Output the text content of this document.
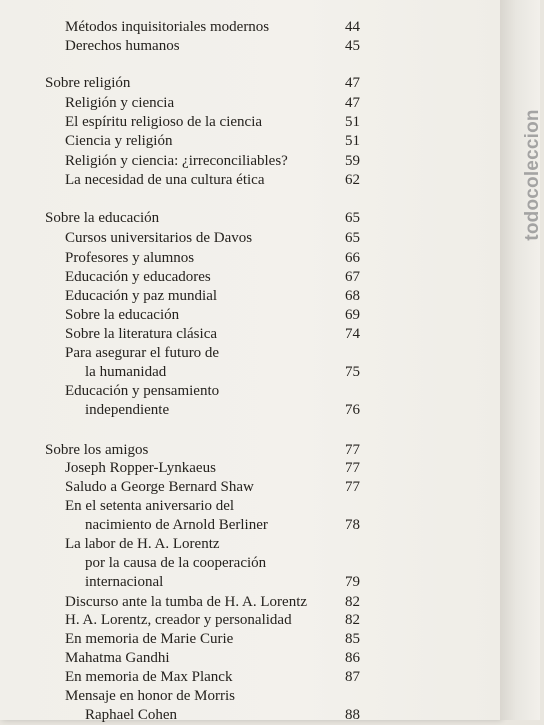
todocoleccion
Métodos inquisitoriales modernos	44
Derechos humanos	45
Sobre religión	47
Religión y ciencia	47
El espíritu religioso de la ciencia	51
Ciencia y religión	51
Religión y ciencia: ¿irreconciliables?	59
La necesidad de una cultura ética	62
Sobre la educación	65
Cursos universitarios de Davos	65
Profesores y alumnos	66
Educación y educadores	67
Educación y paz mundial	68
Sobre la educación	69
Sobre la literatura clásica	74
Para asegurar el futuro de
la humanidad	75
Educación y pensamiento
independiente	76
Sobre los amigos	77
Joseph Ropper-Lynkaeus	77
Saludo a George Bernard Shaw	77
En el setenta aniversario del
nacimiento de Arnold Berliner	78
La labor de H. A. Lorentz
por la causa de la cooperación
internacional	79
Discurso ante la tumba de H. A. Lorentz	82
H. A. Lorentz, creador y personalidad	82
En memoria de Marie Curie	85
Mahatma Gandhi	86
En memoria de Max Planck	87
Mensaje en honor de Morris
Raphael Cohen	88
